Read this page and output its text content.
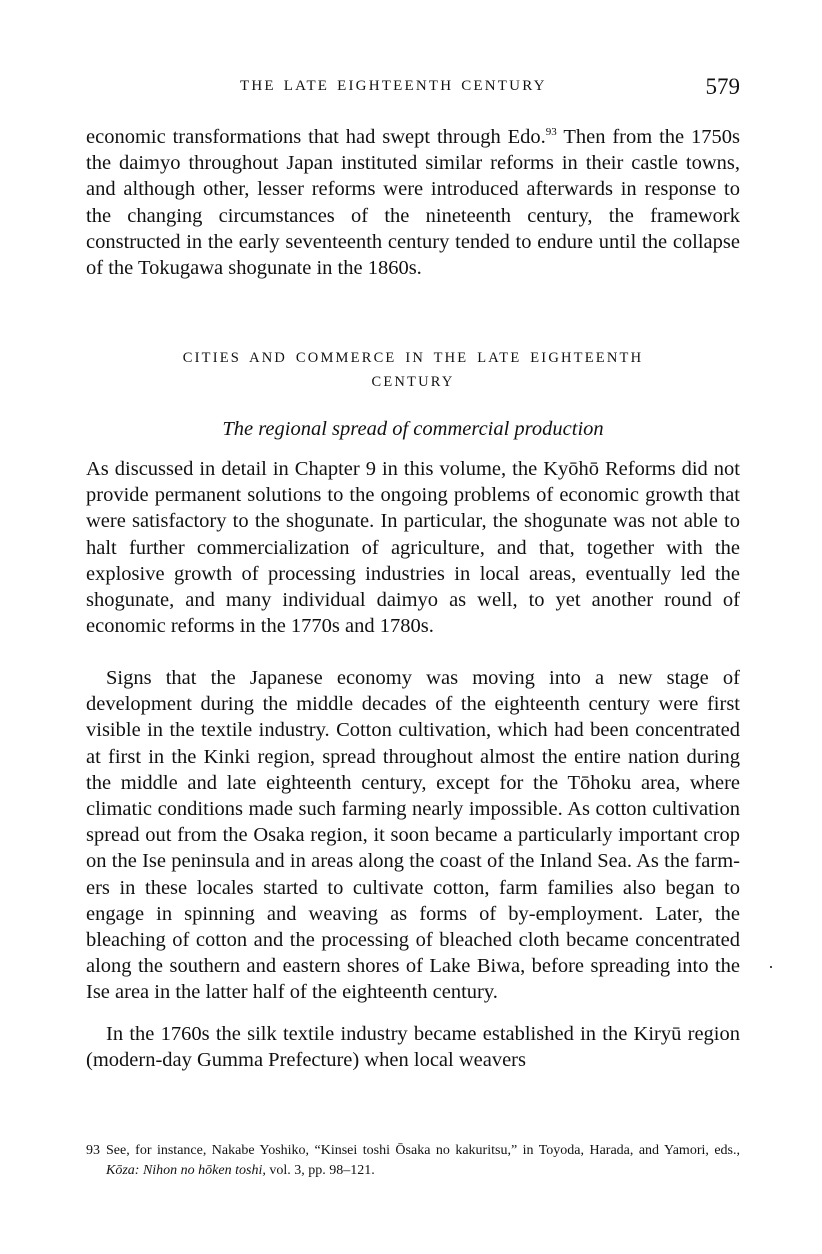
THE LATE EIGHTEENTH CENTURY	579

economic transformations that had swept through Edo.$^{93}$ Then from the 1750s the daimyo throughout Japan instituted similar reforms in their castle towns, and although other, lesser reforms were introduced afterwards in response to the changing circumstances of the nineteenth century, the framework constructed in the early seventeenth century tended to endure until the collapse of the Tokugawa shogunate in the 1860s.

CITIES AND COMMERCE IN THE LATE EIGHTEENTH
CENTURY
The regional spread of commercial production

As discussed in detail in Chapter 9 in this volume, the Kyōhō Reforms did not provide permanent solutions to the ongoing problems of economic growth that were satisfactory to the shogunate. In particular, the shogunate was not able to halt further commercialization of agriculture, and that, together with the explosive growth of processing industries in local areas, eventually led the shogunate, and many individual daimyo as well, to yet another round of economic reforms in the 1770s and 1780s.

Signs that the Japanese economy was moving into a new stage of development during the middle decades of the eighteenth century were first visible in the textile industry. Cotton cultivation, which had been concentrated at first in the Kinki region, spread throughout almost the entire nation during the middle and late eighteenth century, except for the Tōhoku area, where climatic conditions made such farming nearly impossible. As cotton cultivation spread out from the Osaka region, it soon became a particularly important crop on the Ise peninsula and in areas along the coast of the Inland Sea. As the farmers in these locales started to cultivate cotton, farm families also began to engage in spinning and weaving as forms of by-employment. Later, the bleaching of cotton and the processing of bleached cloth became concentrated along the southern and eastern shores of Lake Biwa, before spreading into the Ise area in the latter half of the eighteenth century.

In the 1760s the silk textile industry became established in the Kiryū region (modern-day Gumma Prefecture) when local weavers

93 See, for instance, Nakabe Yoshiko, “Kinsei toshi Ōsaka no kakuritsu,” in Toyoda, Harada, and Yamori, eds., Kōza: Nihon no hōken toshi, vol. 3, pp. 98–121.
